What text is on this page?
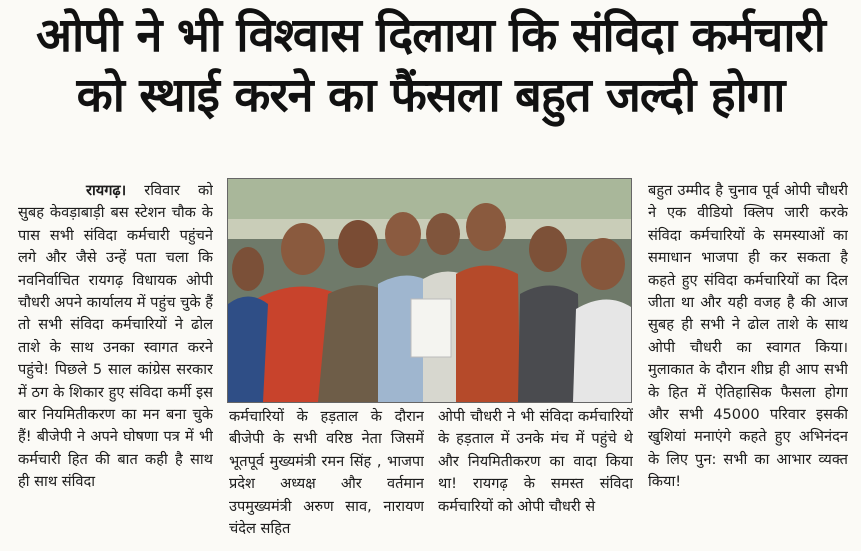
ओपी ने भी विश्वास दिलाया कि संविदा कर्मचारी
को स्थाई करने का फैंसला बहुत जल्दी होगा
रायगढ़। रविवार को सुबह केवड़ाबाड़ी बस स्टेशन चौक के पास सभी संविदा कर्मचारी पहुंचने लगे और जैसे उन्हें पता चला कि नवनिर्वाचित रायगढ़ विधायक ओपी चौधरी अपने कार्यालय में पहुंच चुके हैं तो सभी संविदा कर्मचारियों ने ढोल ताशे के साथ उनका स्वागत करने पहुंचे! पिछले 5 साल कांग्रेस सरकार में ठग के शिकार हुए संविदा कर्मी इस बार नियमितीकरण का मन बना चुके हैं! बीजेपी ने अपने घोषणा पत्र में भी कर्मचारी हित की बात कही है साथ ही साथ संविदा
कर्मचारियों के हड़ताल के दौरान बीजेपी के सभी वरिष्ठ नेता जिसमें भूतपूर्व मुख्यमंत्री रमन सिंह , भाजपा प्रदेश अध्यक्ष और वर्तमान उपमुख्यमंत्री अरुण साव, नारायण चंदेल सहित
ओपी चौधरी ने भी संविदा कर्मचारियों के हड़ताल में उनके मंच में पहुंचे थे और नियमितीकरण का वादा किया था! रायगढ़ के समस्त संविदा कर्मचारियों को ओपी चौधरी से
बहुत उम्मीद है चुनाव पूर्व ओपी चौधरी ने एक वीडियो क्लिप जारी करके संविदा कर्मचारियों के समस्याओं का समाधान भाजपा ही कर सकता है कहते हुए संविदा कर्मचारियों का दिल जीता था और यही वजह है की आज सुबह ही सभी ने ढोल ताशे के साथ ओपी चौधरी का स्वागत किया। मुलाकात के दौरान शीघ्र ही आप सभी के हित में ऐतिहासिक फैसला होगा और सभी 45000 परिवार इसकी खुशियां मनाएंगे कहते हुए अभिनंदन के लिए पुन: सभी का आभार व्यक्त किया!
